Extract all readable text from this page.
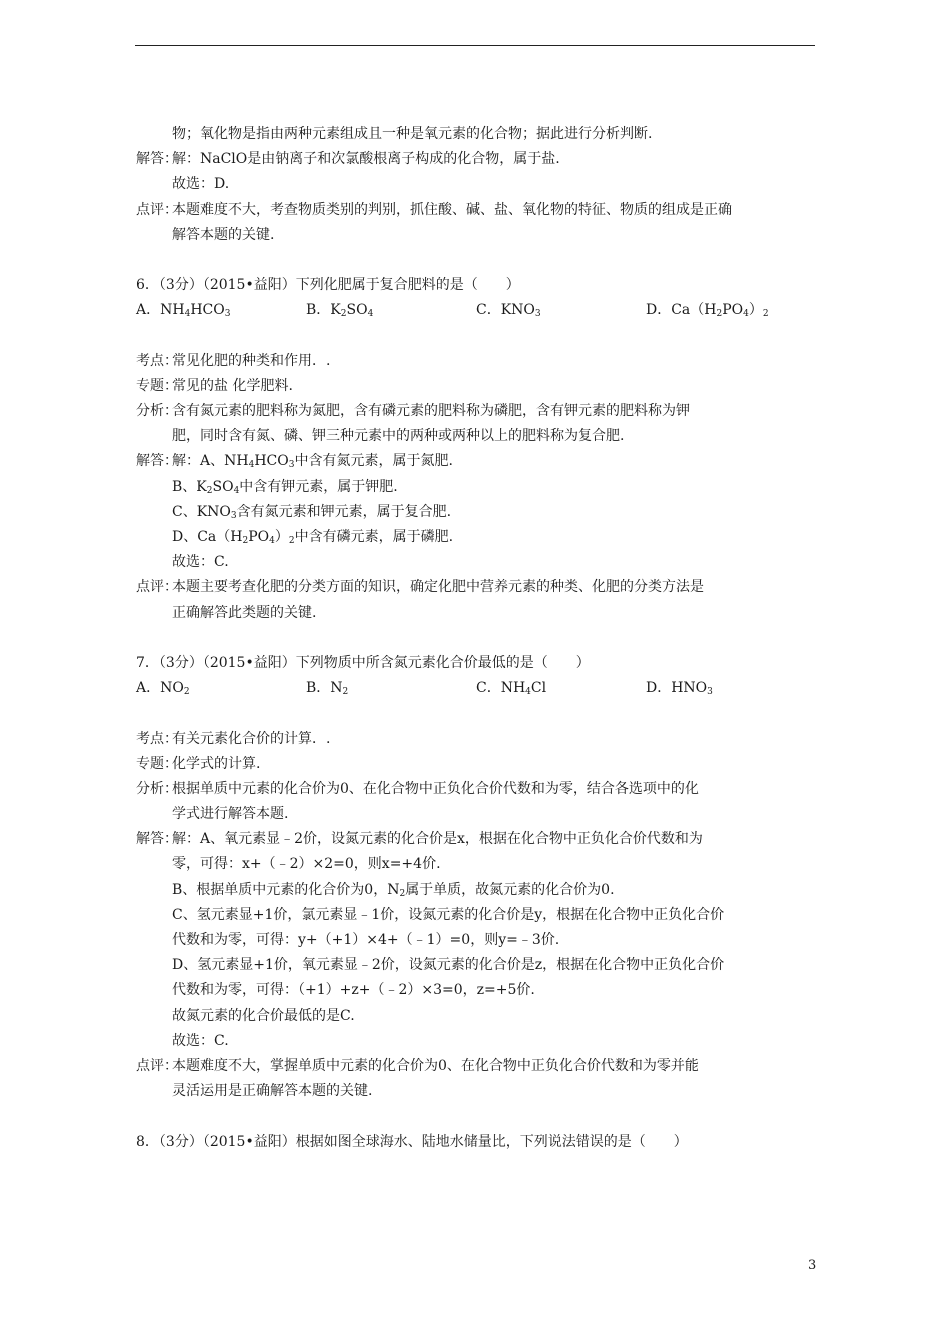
物；氧化物是指由两种元素组成且一种是氧元素的化合物；据此进行分析判断.
解答：解：NaClO是由钠离子和次氯酸根离子构成的化合物，属于盐.
故选：D.
点评：本题难度不大，考查物质类别的判别，抓住酸、碱、盐、氧化物的特征、物质的组成是正确
解答本题的关键.
6．（3分）（2015•益阳）下列化肥属于复合肥料的是（　　）
A．$NH_4HCO_3$	B．$K_2SO_4$	C．$KNO_3$	D．$Ca(H_2PO_4)_2$
考点：常见化肥的种类和作用．.
专题：常见的盐 化学肥料.
分析：含有氮元素的肥料称为氮肥，含有磷元素的肥料称为磷肥，含有钾元素的肥料称为钾
肥，同时含有氮、磷、钾三种元素中的两种或两种以上的肥料称为复合肥.
解答：解：A、$NH_4HCO_3$中含有氮元素，属于氮肥.
B、$K_2SO_4$中含有钾元素，属于钾肥.
C、$KNO_3$含有氮元素和钾元素，属于复合肥.
D、$Ca(H_2PO_4)_2$中含有磷元素，属于磷肥.
故选：C.
点评：本题主要考查化肥的分类方面的知识，确定化肥中营养元素的种类、化肥的分类方法是
正确解答此类题的关键.
7．（3分）（2015•益阳）下列物质中所含氮元素化合价最低的是（　　）
A．$NO_2$	B．$N_2$	C．$NH_4Cl$	D．$HNO_3$
考点：有关元素化合价的计算．.
专题：化学式的计算.
分析：根据单质中元素的化合价为0、在化合物中正负化合价代数和为零，结合各选项中的化
学式进行解答本题.
解答：解：A、氧元素显﹣2价，设氮元素的化合价是x，根据在化合物中正负化合价代数和为
零，可得：x+（﹣2）×2=0，则x=+4价.
B、根据单质中元素的化合价为0，$N_2$属于单质，故氮元素的化合价为0.
C、氢元素显+1价，氯元素显﹣1价，设氮元素的化合价是y，根据在化合物中正负化合价
代数和为零，可得：y+（+1）×4+（﹣1）=0，则y=﹣3价.
D、氢元素显+1价，氧元素显﹣2价，设氮元素的化合价是z，根据在化合物中正负化合价
代数和为零，可得：（+1）+z+（﹣2）×3=0，z=+5价.
故氮元素的化合价最低的是C.
故选：C.
点评：本题难度不大，掌握单质中元素的化合价为0、在化合物中正负化合价代数和为零并能
灵活运用是正确解答本题的关键.
8．（3分）（2015•益阳）根据如图全球海水、陆地水储量比，下列说法错误的是（　　）
3
